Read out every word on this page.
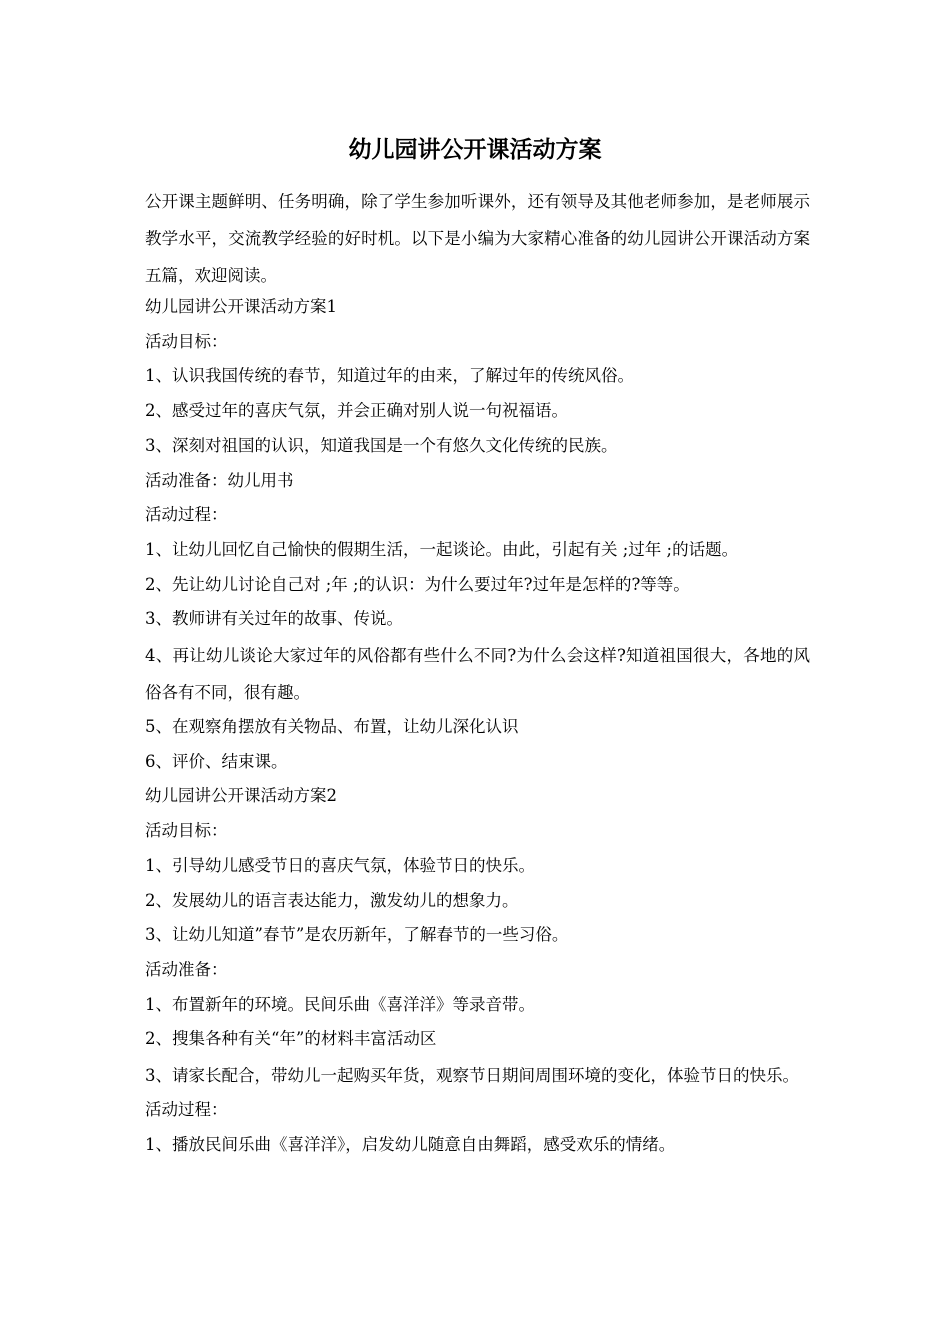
幼儿园讲公开课活动方案

公开课主题鲜明、任务明确，除了学生参加听课外，还有领导及其他老师参加，是老师展示教学水平，交流教学经验的好时机。以下是小编为大家精心准备的幼儿园讲公开课活动方案五篇，欢迎阅读。

幼儿园讲公开课活动方案1

活动目标：

1、认识我国传统的春节，知道过年的由来，了解过年的传统风俗。

2、感受过年的喜庆气氛，并会正确对别人说一句祝福语。

3、深刻对祖国的认识，知道我国是一个有悠久文化传统的民族。

活动准备：幼儿用书

活动过程：

1、让幼儿回忆自己愉快的假期生活，一起谈论。由此，引起有关 ;过年 ;的话题。

2、先让幼儿讨论自己对 ;年 ;的认识：为什么要过年?过年是怎样的?等等。

3、教师讲有关过年的故事、传说。

4、再让幼儿谈论大家过年的风俗都有些什么不同?为什么会这样?知道祖国很大，各地的风俗各有不同，很有趣。

5、在观察角摆放有关物品、布置，让幼儿深化认识

6、评价、结束课。

幼儿园讲公开课活动方案2

活动目标：

1、引导幼儿感受节日的喜庆气氛，体验节日的快乐。

2、发展幼儿的语言表达能力，激发幼儿的想象力。

3、让幼儿知道”春节”是农历新年，了解春节的一些习俗。

活动准备：

1、布置新年的环境。民间乐曲《喜洋洋》等录音带。

2、搜集各种有关“年”的材料丰富活动区

3、请家长配合，带幼儿一起购买年货，观察节日期间周围环境的变化，体验节日的快乐。

活动过程：

1、播放民间乐曲《喜洋洋》，启发幼儿随意自由舞蹈，感受欢乐的情绪。
